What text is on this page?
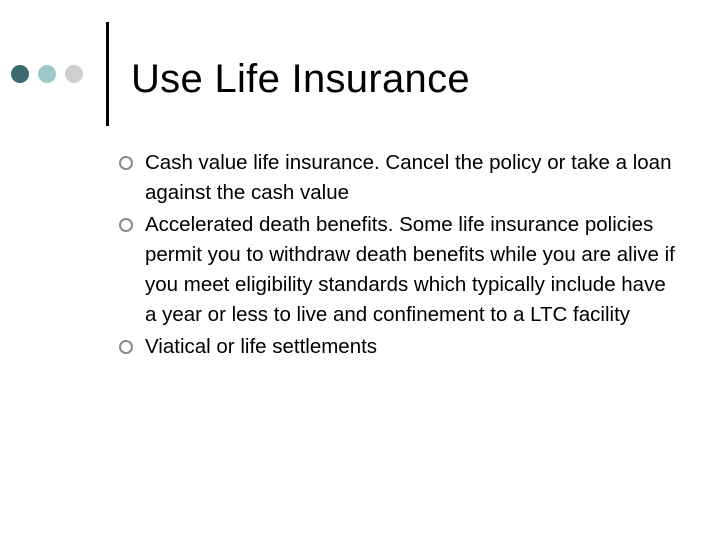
Use Life Insurance
Cash value life insurance. Cancel the policy or take a loan against the cash value
Accelerated death benefits. Some life insurance policies permit you to withdraw death benefits while you are alive if you meet eligibility standards which typically include have a year or less to live and confinement to a LTC facility
Viatical or life settlements
